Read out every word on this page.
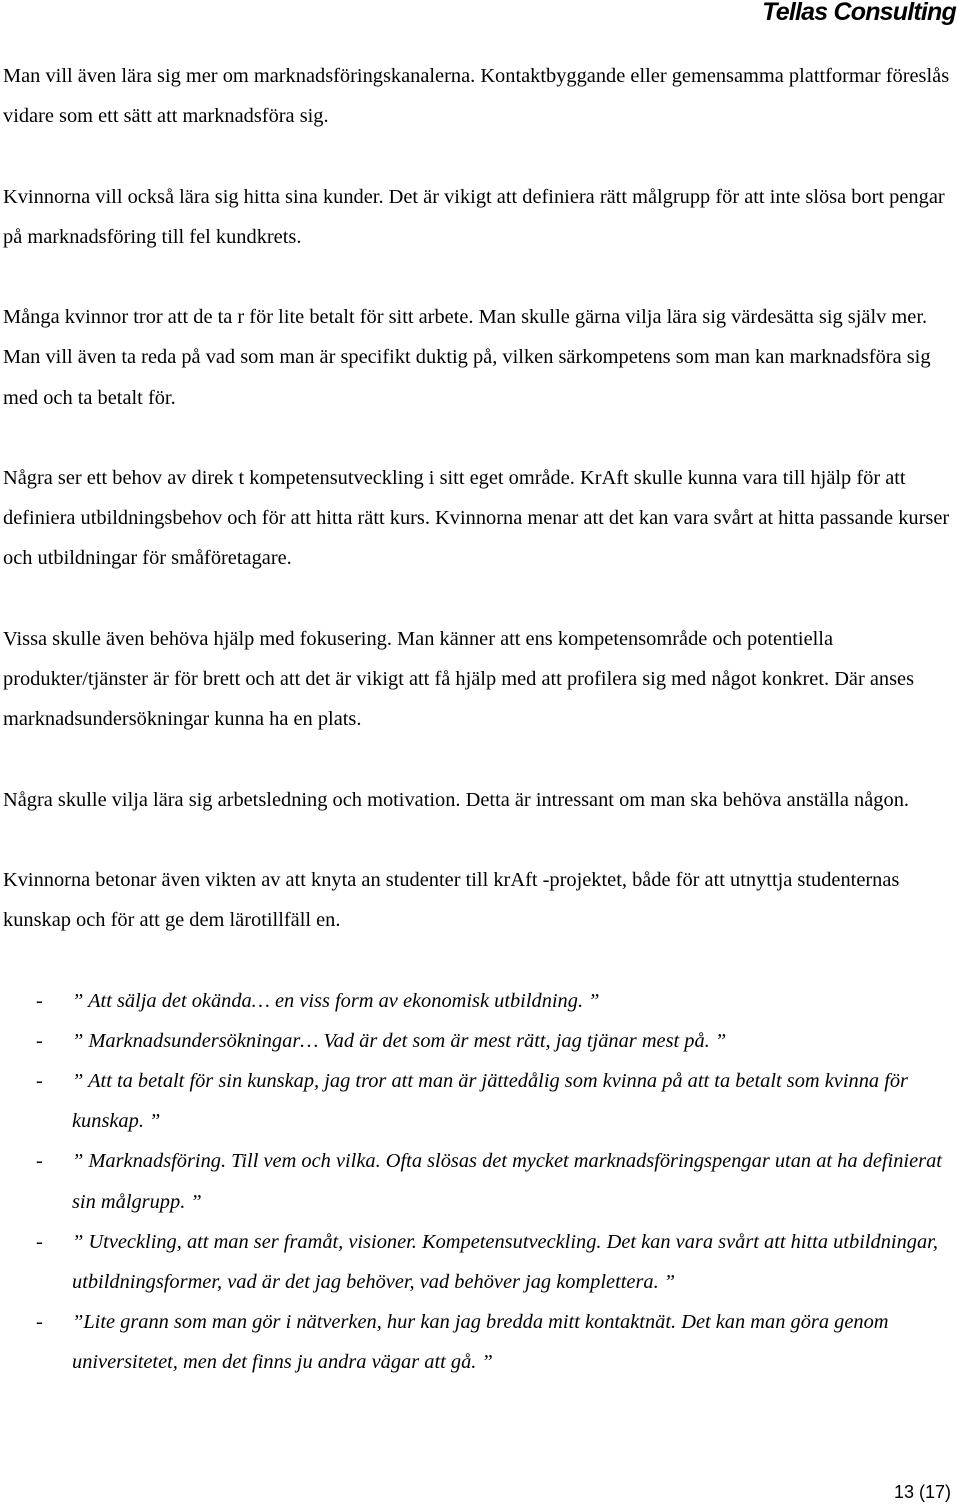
Tellas Consulting

Man vill även lära sig mer om marknadsföringskanalerna. Kontaktbyggande eller gemensamma plattformar föreslås vidare som ett sätt att marknadsföra sig.

Kvinnorna vill också lära sig hitta sina kunder. Det är vikigt att definiera rätt målgrupp för att inte slösa bort pengar på marknadsföring till fel kundkrets.

Många kvinnor tror att de ta r för lite betalt för sitt arbete. Man skulle gärna vilja lära sig värdesätta sig själv mer. Man vill även ta reda på vad som man är specifikt duktig på, vilken särkompetens som man kan marknadsföra sig med och ta betalt för.

Några ser ett behov av direk t kompetensutveckling i sitt eget område. KrAft skulle kunna vara till hjälp för att definiera utbildningsbehov och för att hitta rätt kurs. Kvinnorna menar att det kan vara svårt at hitta passande kurser och utbildningar för småföretagare.

Vissa skulle även behöva hjälp med fokusering. Man känner att ens kompetensområde och potentiella produkter/tjänster är för brett och att det är vikigt att få hjälp med att profilera sig med något konkret. Där anses marknadsundersökningar kunna ha en plats.

Några skulle vilja lära sig arbetsledning och motivation. Detta är intressant om man ska behöva anställa någon.

Kvinnorna betonar även vikten av att knyta an studenter till krAft -projektet, både för att utnyttja studenternas kunskap och för att ge dem lärotillfäll en.

- ” Att sälja det okända… en viss form av ekonomisk utbildning. ”
- ” Marknadsundersökningar… Vad är det som är mest rätt, jag tjänar mest på. ”
- ” Att ta betalt för sin kunskap, jag tror att man är jättedålig som kvinna på att ta betalt som kvinna för kunskap. ”
- ” Marknadsföring. Till vem och vilka. Ofta slösas det mycket marknadsföringspengar utan at ha definierat sin målgrupp. ”
- ” Utveckling, att man ser framåt, visioner. Kompetensutveckling. Det kan vara svårt att hitta utbildningar, utbildningsformer, vad är det jag behöver, vad behöver jag komplettera. ”
- ”Lite grann som man gör i nätverken, hur kan jag bredda mitt kontaktnät. Det kan man göra genom universitetet, men det finns ju andra vägar att gå. ”
13 (17)
